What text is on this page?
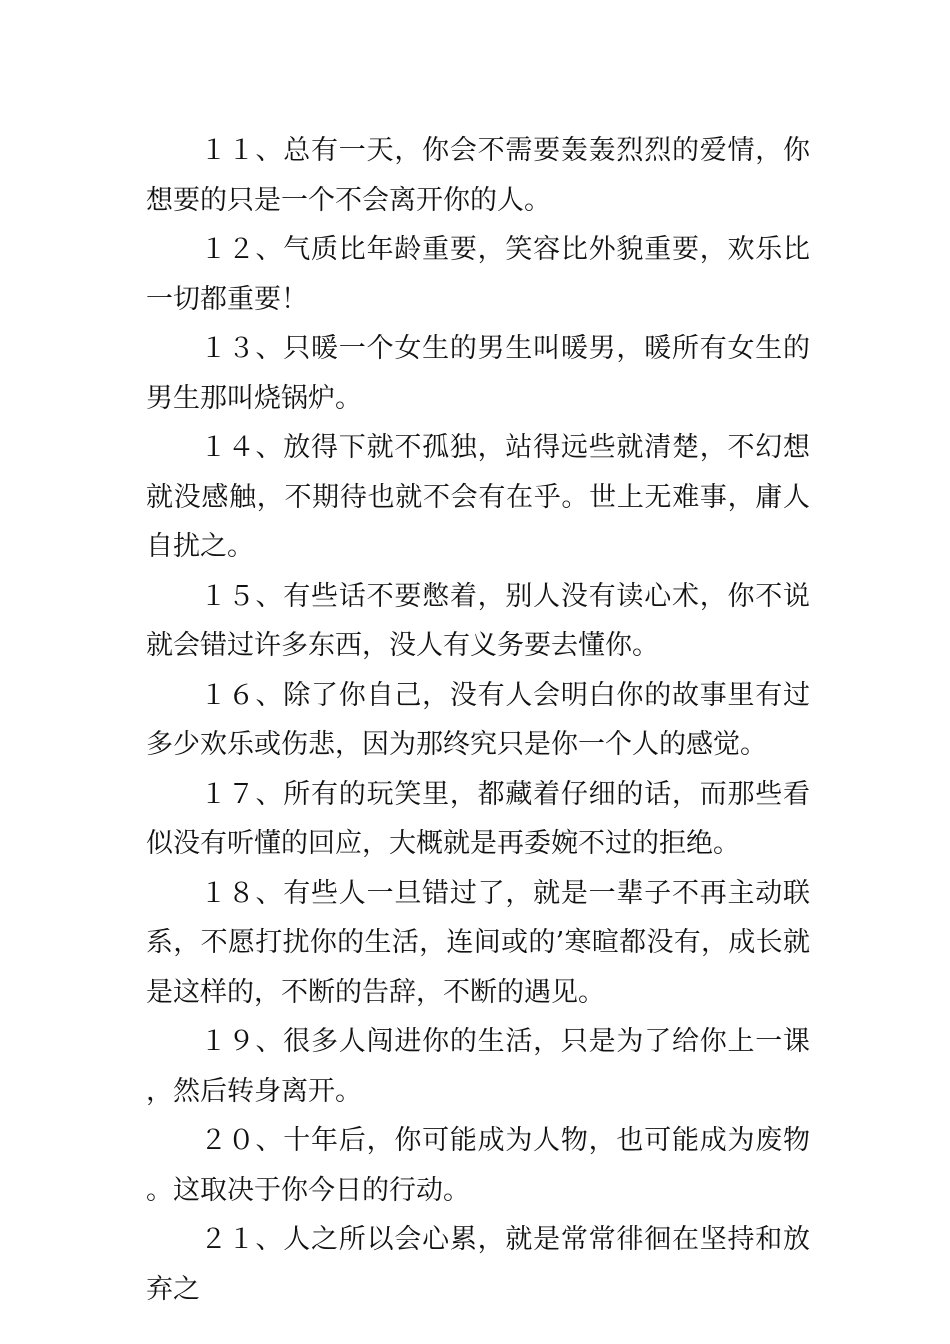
１１、总有一天，你会不需要轰轰烈烈的爱情，你想要的只是一个不会离开你的人。

１２、气质比年龄重要，笑容比外貌重要，欢乐比一切都重要！

１３、只暖一个女生的男生叫暖男，暖所有女生的男生那叫烧锅炉。

１４、放得下就不孤独，站得远些就清楚，不幻想就没感触，不期待也就不会有在乎。世上无难事，庸人自扰之。

１５、有些话不要憋着，别人没有读心术，你不说就会错过许多东西，没人有义务要去懂你。

１６、除了你自己，没有人会明白你的故事里有过多少欢乐或伤悲，因为那终究只是你一个人的感觉。

１７、所有的玩笑里，都藏着仔细的话，而那些看似没有听懂的回应，大概就是再委婉不过的拒绝。

１８、有些人一旦错过了，就是一辈子不再主动联系，不愿打扰你的生活，连间或的’寒暄都没有，成长就是这样的，不断的告辞，不断的遇见。

１９、很多人闯进你的生活，只是为了给你上一课，然后转身离开。

２０、十年后，你可能成为人物，也可能成为废物。这取决于你今日的行动。

２１、人之所以会心累，就是常常徘徊在坚持和放弃之
